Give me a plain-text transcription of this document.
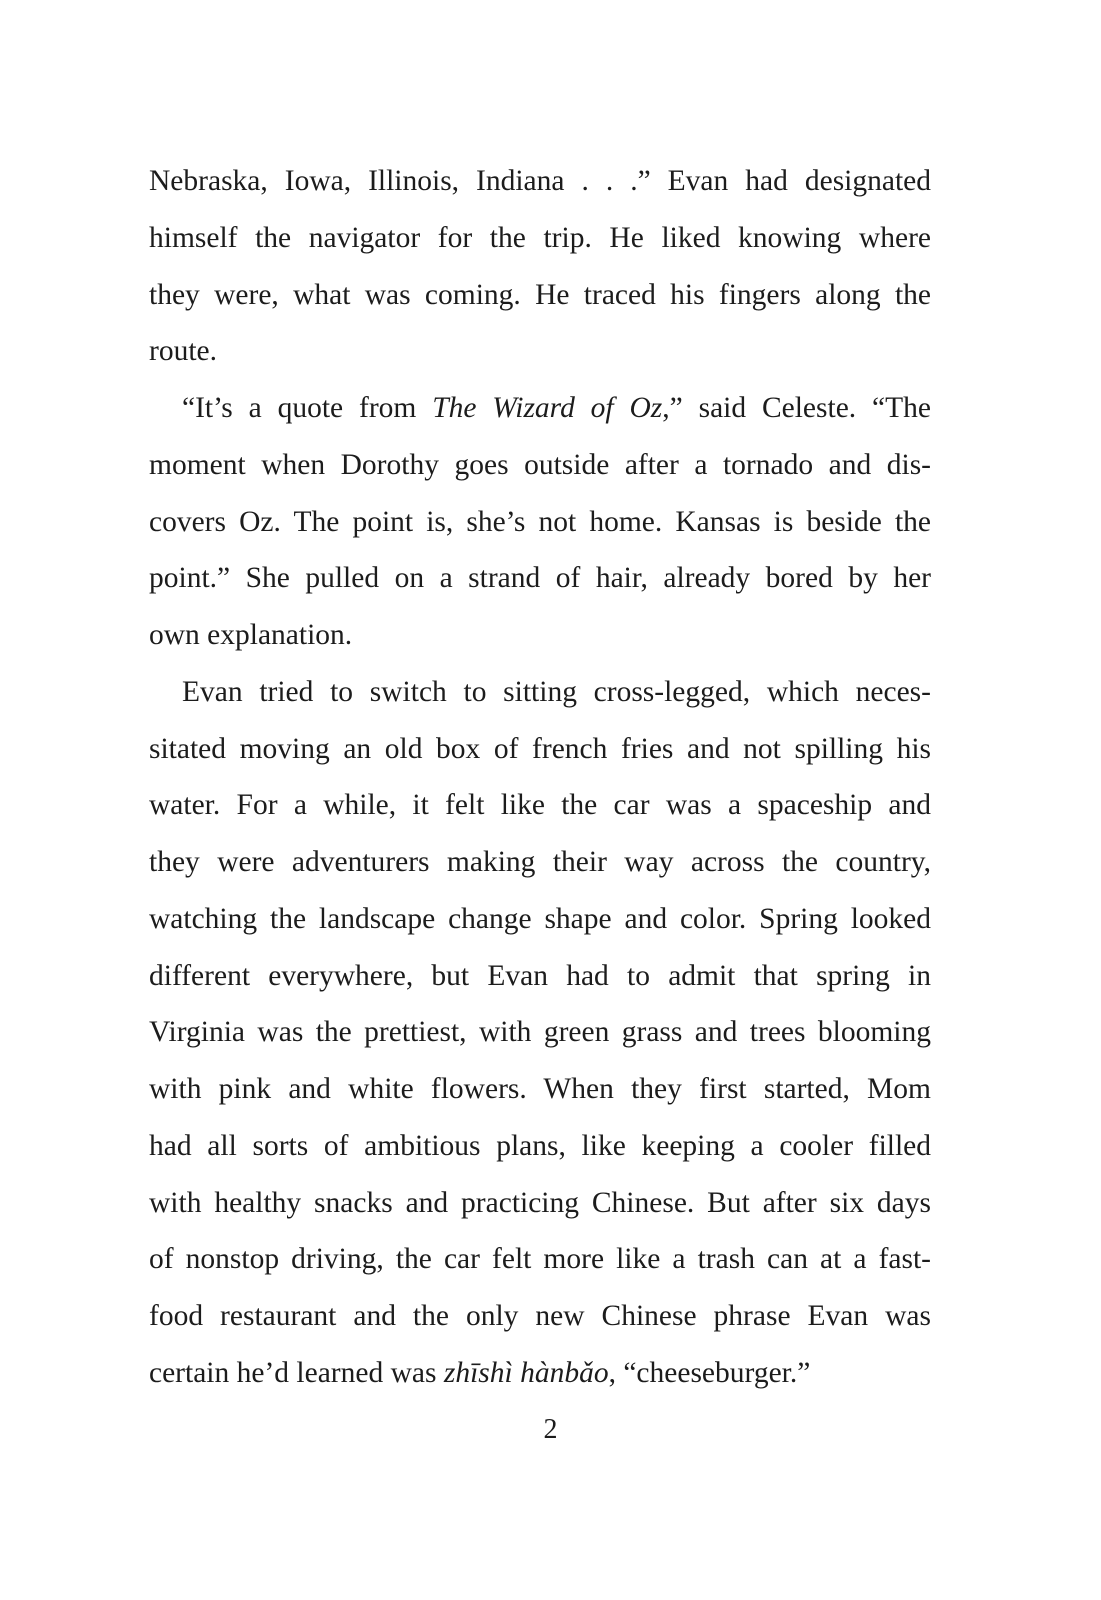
Nebraska, Iowa, Illinois, Indiana . . .” Evan had designated
himself the navigator for the trip. He liked knowing where
they were, what was coming. He traced his fingers along the
route.
“It’s a quote from The Wizard of Oz,” said Celeste. “The
moment when Dorothy goes outside after a tornado and dis-
covers Oz. The point is, she’s not home. Kansas is beside the
point.” She pulled on a strand of hair, already bored by her
own explanation.
Evan tried to switch to sitting cross-legged, which neces-
sitated moving an old box of french fries and not spilling his
water. For a while, it felt like the car was a spaceship and
they were adventurers making their way across the country,
watching the landscape change shape and color. Spring looked
different everywhere, but Evan had to admit that spring in
Virginia was the prettiest, with green grass and trees blooming
with pink and white flowers. When they first started, Mom
had all sorts of ambitious plans, like keeping a cooler filled
with healthy snacks and practicing Chinese. But after six days
of nonstop driving, the car felt more like a trash can at a fast-
food restaurant and the only new Chinese phrase Evan was
certain he’d learned was zhīshì hànbǎo, “cheeseburger.”
2
